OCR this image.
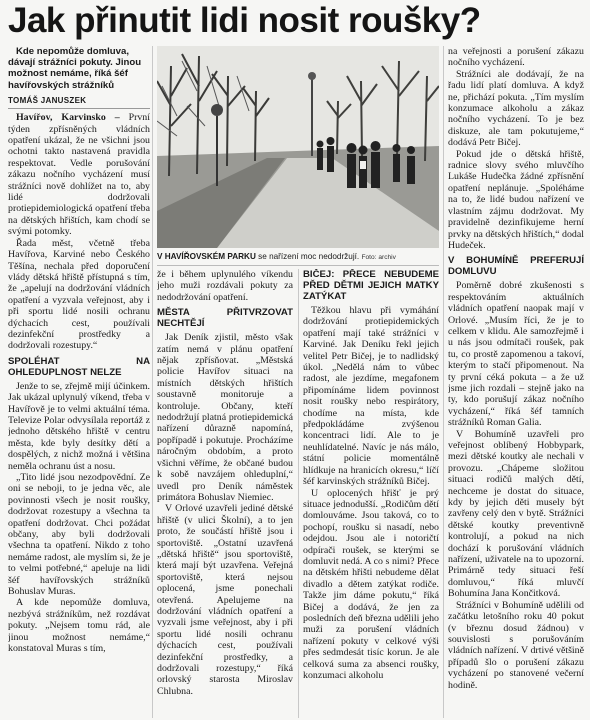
Jak přinutit lidi nosit roušky?

Kde nepomůže domluva, dávají strážníci pokuty. Jinou možnost nemáme, říká šéf havířovských strážníků

TOMÁŠ JANUSZEK

Havířov, Karvinsko – První týden zpřísněných vládních opatření ukázal, že ne všichni jsou ochotni takto nastavená pravidla respektovat. Vedle porušování zákazu nočního vycházení musí strážníci nově dohlížet na to, aby lidé dodržovali protiepidemiologická opatření třeba na dětských hřištích, kam chodí se svými potomky.

Řada měst, včetně třeba Havířova, Karviné nebo Českého Těšína, nechala před doporučení vlády dětská hřiště přístupná s tím, že „apelují na dodržování vládních opatření a vyzvala veřejnost, aby i při sportu lidé nosili ochranu dýchacích cest, používali dezinfekční prostředky a dodržovali rozestupy.“

SPOLÉHAT NA OHLEDUPLNOST NELZE

Jenže to se, zřejmě mijí účinkem. Jak ukázal uplynulý víkend, třeba v Havířově je to velmi aktuální téma. Televize Polar odvysílala reportáž z jednoho dětského hřiště v centru města, kde byly desítky dětí a dospělých, z nichž možná i většina neměla ochranu úst a nosu.

„Tito lidé jsou nezodpovědní. Ze oni se neboji, to je jedna věc, ale povinnosti všech je nosit roušky, dodržovat rozestupy a všechna ta opatření dodržovat. Chci požádat občany, aby byli dodržovali všechna ta opatření. Nikdo z toho nemáme radost, ale myslím si, že je to velmi potřebné,“ apeluje na lidi šéf havířovských strážníků Bohuslav Muras.

A kde nepomůže domluva, nezbývá strážníkům, než rozdávat pokuty. „Nejsem tomu rád, ale jinou možnost nemáme,“ konstatoval Muras s tím,

V HAVÍŘOVSKÉM PARKU se nařízení moc nedodržují. Foto: archiv

že i během uplynulého víkendu jeho muži rozdávali pokuty za nedodržování opatření.

MĚSTA PŘITVRZOVAT NECHTĚJÍ

Jak Deník zjistil, město však zatím nemá v plánu opatření nějak zpřísňovat. „Městská policie Havířov situaci na místních dětských hřištích soustavně monitoruje a kontroluje. Občany, kteří nedodržují platná protiepidemická nařízení důrazně napomíná, popřípadě i pokutuje. Procházíme náročným obdobím, a proto všichni věříme, že občané budou k sobě navzájem ohleduplní,“ uvedl pro Deník náměstek primátora Bohuslav Niemiec.

V Orlové uzavřeli jediné dětské hřiště (v ulici Školní), a to jen proto, že součástí hřiště jsou i sportoviště. „Ostatní uzavřená „dětská hřiště“ jsou sportoviště, která mají být uzavřena. Veřejná sportoviště, která nejsou oplocená, jsme ponechali otevřená. Apelujeme na dodržování vládních opatření a vyzvali jsme veřejnost, aby i při sportu lidé nosili ochranu dýchacích cest, používali dezinfekční prostředky, a dodržovali rozestupy,“ říká orlovský starosta Miroslav Chlubna.

BIČEJ: PŘECE NEBUDEME PŘED DĚTMI JEJICH MATKY ZATÝKAT

Těžkou hlavu při vymáhání dodržování protiepidemických opatření mají také strážníci v Karviné. Jak Deníku řekl jejich velitel Petr Bičej, je to nadlidský úkol. „Nedělá nám to vůbec radost, ale jezdíme, megafonem připomínáme lidem povinnost nosit roušky nebo respirátory, chodíme na místa, kde předpokládáme zvýšenou koncentraci lidí. Ale to je neuhlídatelné. Navíc je nás málo, státní policie momentálně hlídkuje na hranicích okresu,“ líčí šéf karvinských strážníků Bičej.

U oplocených hřišť je prý situace jednodušší. „Rodičům dětí domlouváme. Jsou taková, co to pochopí, roušku si nasadí, nebo odejdou. Jsou ale i notoričtí odpírači roušek, se kterými se domluvit nedá. A co s nimi? Přece na dětském hřišti nebudeme dělat divadlo a dětem zatýkat rodiče. Takže jim dáme pokutu,“ říká Bičej a dodává, že jen za posledních deň března udělili jeho muži za porušení vládních nařízení pokuty v celkové výši přes sedmdesát tisíc korun. Je ale celková suma za absenci roušky, konzumaci alkoholu

na veřejnosti a porušení zákazu nočního vycházení.

Strážníci ale dodávají, že na řadu lidí platí domluva. A když ne, přichází pokuta. „Tím myslím konzumace alkoholu a zákaz nočního vycházení. To je bez diskuze, ale tam pokutujeme,“ dodává Petr Bičej.

Pokud jde o dětská hřiště, radnice slovy svého mluvčího Lukáše Hudečka žádné zpřísnění opatření neplánuje. „Spoléháme na to, že lidé budou nařízení ve vlastním zájmu dodržovat. My pravidelně dezinfikujeme herní prvky na dětských hřištích,“ dodal Hudeček.

V BOHUMÍNĚ PREFERUJÍ DOMLUVU

Poměrně dobré zkušenosti s respektováním aktuálních vládních opatření naopak mají v Orlové. „Musím říci, že je to celkem v klidu. Ale samozřejmě i u nás jsou odmítači roušek, pak tu, co prostě zapomenou a takoví, kterým to stačí připomenout. Na ty první céká pokuta – a že už jsme jich rozdali – stejně jako na ty, kdo porušují zákaz nočního vycházení,“ říká šéf tamních strážníků Roman Galia.

V Bohumíně uzavřeli pro veřejnost oblíbený Hobbypark, mezi dětské koutky ale nechali v provozu. „Chápeme složitou situaci rodičů malých dětí, nechceme je dostat do situace, kdy by jejich děti musely být zavřeny celý den v bytě. Strážníci dětské koutky preventivně kontrolují, a pokud na nich dochází k porušování vládních nařízení, uživatele na to upozorní. Primárně tedy situaci řeší domluvou,“ říká mluvčí Bohumína Jana Končitková.

Strážníci v Bohumíně udělili od začátku letošního roku 40 pokut (v březnu dosud žádnou) v souvislosti s porušováním vládních nařízení. V drtivé většině případů šlo o porušení zákazu vycházení po stanovené večerní hodině.
